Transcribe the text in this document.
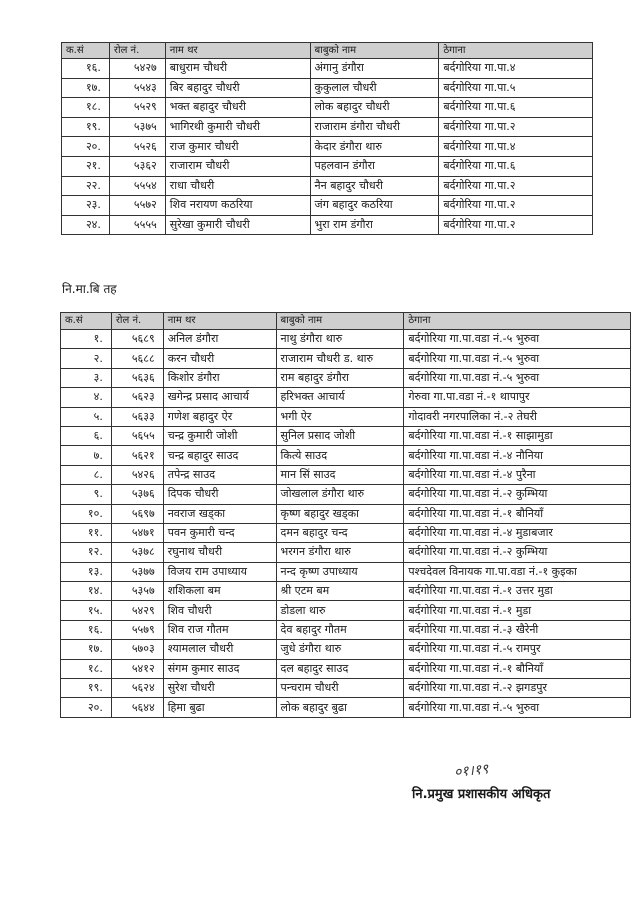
क.सं	रोल नं.	नाम थर	बाबुको नाम	ठेगाना
१६.	५४२७	बाधुराम चौधरी	अंगानु डंगौरा	बर्दगोरिया गा.पा.४
१७.	५५४३	बिर बहादुर चौधरी	कुकुलाल चौधरी	बर्दगोरिया गा.पा.५
१८.	५५२९	भक्त बहादुर चौधरी	लोक बहादुर चौधरी	बर्दगोरिया गा.पा.६
१९.	५३७५	भागिरथी कुमारी चौधरी	राजाराम डंगौरा चौधरी	बर्दगोरिया गा.पा.२
२०.	५५२६	राज कुमार चौधरी	केदार डंगौरा थारु	बर्दगोरिया गा.पा.४
२१.	५३६२	राजाराम चौधरी	पहलवान डंगौरा	बर्दगोरिया गा.पा.६
२२.	५५५४	राधा चौधरी	नैन बहादुर चौधरी	बर्दगोरिया गा.पा.२
२३.	५५७२	शिव नरायण कठरिया	जंग बहादुर कठरिया	बर्दगोरिया गा.पा.२
२४.	५५५५	सुरेखा कुमारी चौधरी	भुरा राम डंगौरा	बर्दगोरिया गा.पा.२
नि.मा.बि तह
क.सं	रोल नं.	नाम थर	बाबुको नाम	ठेगाना
१.	५६८९	अनिल डंगौरा	नाथु डंगौरा थारु	बर्दगोरिया गा.पा.वडा नं.-५ भुरुवा
२.	५६८८	करन चौधरी	राजाराम चौधरी ड. थारु	बर्दगोरिया गा.पा.वडा नं.-५ भुरुवा
३.	५६३६	किशोर डंगौरा	राम बहादुर डंगौरा	बर्दगोरिया गा.पा.वडा नं.-५ भुरुवा
४.	५६२३	खगेन्द्र प्रसाद आचार्य	हरिभक्त आचार्य	गेरुवा गा.पा.वडा नं.-१ थापापुर
५.	५६३३	गणेश बहादुर ऐर	भगी ऐर	गोदावरी नगरपालिका नं.-२ तेघरी
६.	५६५५	चन्द्र कुमारी जोशी	सुनिल प्रसाद जोशी	बर्दगोरिया गा.पा.वडा नं.-१ साझामुडा
७.	५६२१	चन्द्र बहादुर साउद	कित्ये साउद	बर्दगोरिया गा.पा.वडा नं.-४ नौनिया
८.	५४२६	तपेन्द्र साउद	मान सिं साउद	बर्दगोरिया गा.पा.वडा नं.-४ पुरैना
९.	५३७६	दिपक चौधरी	जोखलाल डंगौरा थारु	बर्दगोरिया गा.पा.वडा नं.-२ कुम्भिया
१०.	५६९७	नवराज खड्का	कृष्ण बहादुर खड्का	बर्दगोरिया गा.पा.वडा नं.-१ बौनियाँ
११.	५४७१	पवन कुमारी चन्द	दमन बहादुर चन्द	बर्दगोरिया गा.पा.वडा नं.-४ मुडाबजार
१२.	५३७८	रघुनाथ चौधरी	भरगन डंगौरा थारु	बर्दगोरिया गा.पा.वडा नं.-२ कुम्भिया
१३.	५३७७	विजय राम उपाध्याय	नन्द कृष्ण उपाध्याय	पश्चदेवल विनायक गा.पा.वडा नं.-१ कुइका
१४.	५३५७	शशिकला बम	श्री एटम बम	बर्दगोरिया गा.पा.वडा नं.-१ उत्तर मुडा
१५.	५४२९	शिव चौधरी	डोडला थारु	बर्दगोरिया गा.पा.वडा नं.-१ मुडा
१६.	५५७९	शिव राज गौतम	देव बहादुर गौतम	बर्दगोरिया गा.पा.वडा नं.-३ खैरेनी
१७.	५७०३	श्यामलाल चौधरी	जुधे डंगौरा थारु	बर्दगोरिया गा.पा.वडा नं.-५ रामपुर
१८.	५४१२	संगम कुमार साउद	दल बहादुर साउद	बर्दगोरिया गा.पा.वडा नं.-१ बौनियाँ
१९.	५६२४	सुरेश चौधरी	पन्चराम चौधरी	बर्दगोरिया गा.पा.वडा नं.-२ झगडपुर
२०.	५६४४	हिमा बुढा	लोक बहादुर बुढा	बर्दगोरिया गा.पा.वडा नं.-५ भुरुवा
०१।१९
नि.प्रमुख प्रशासकीय अधिकृत
